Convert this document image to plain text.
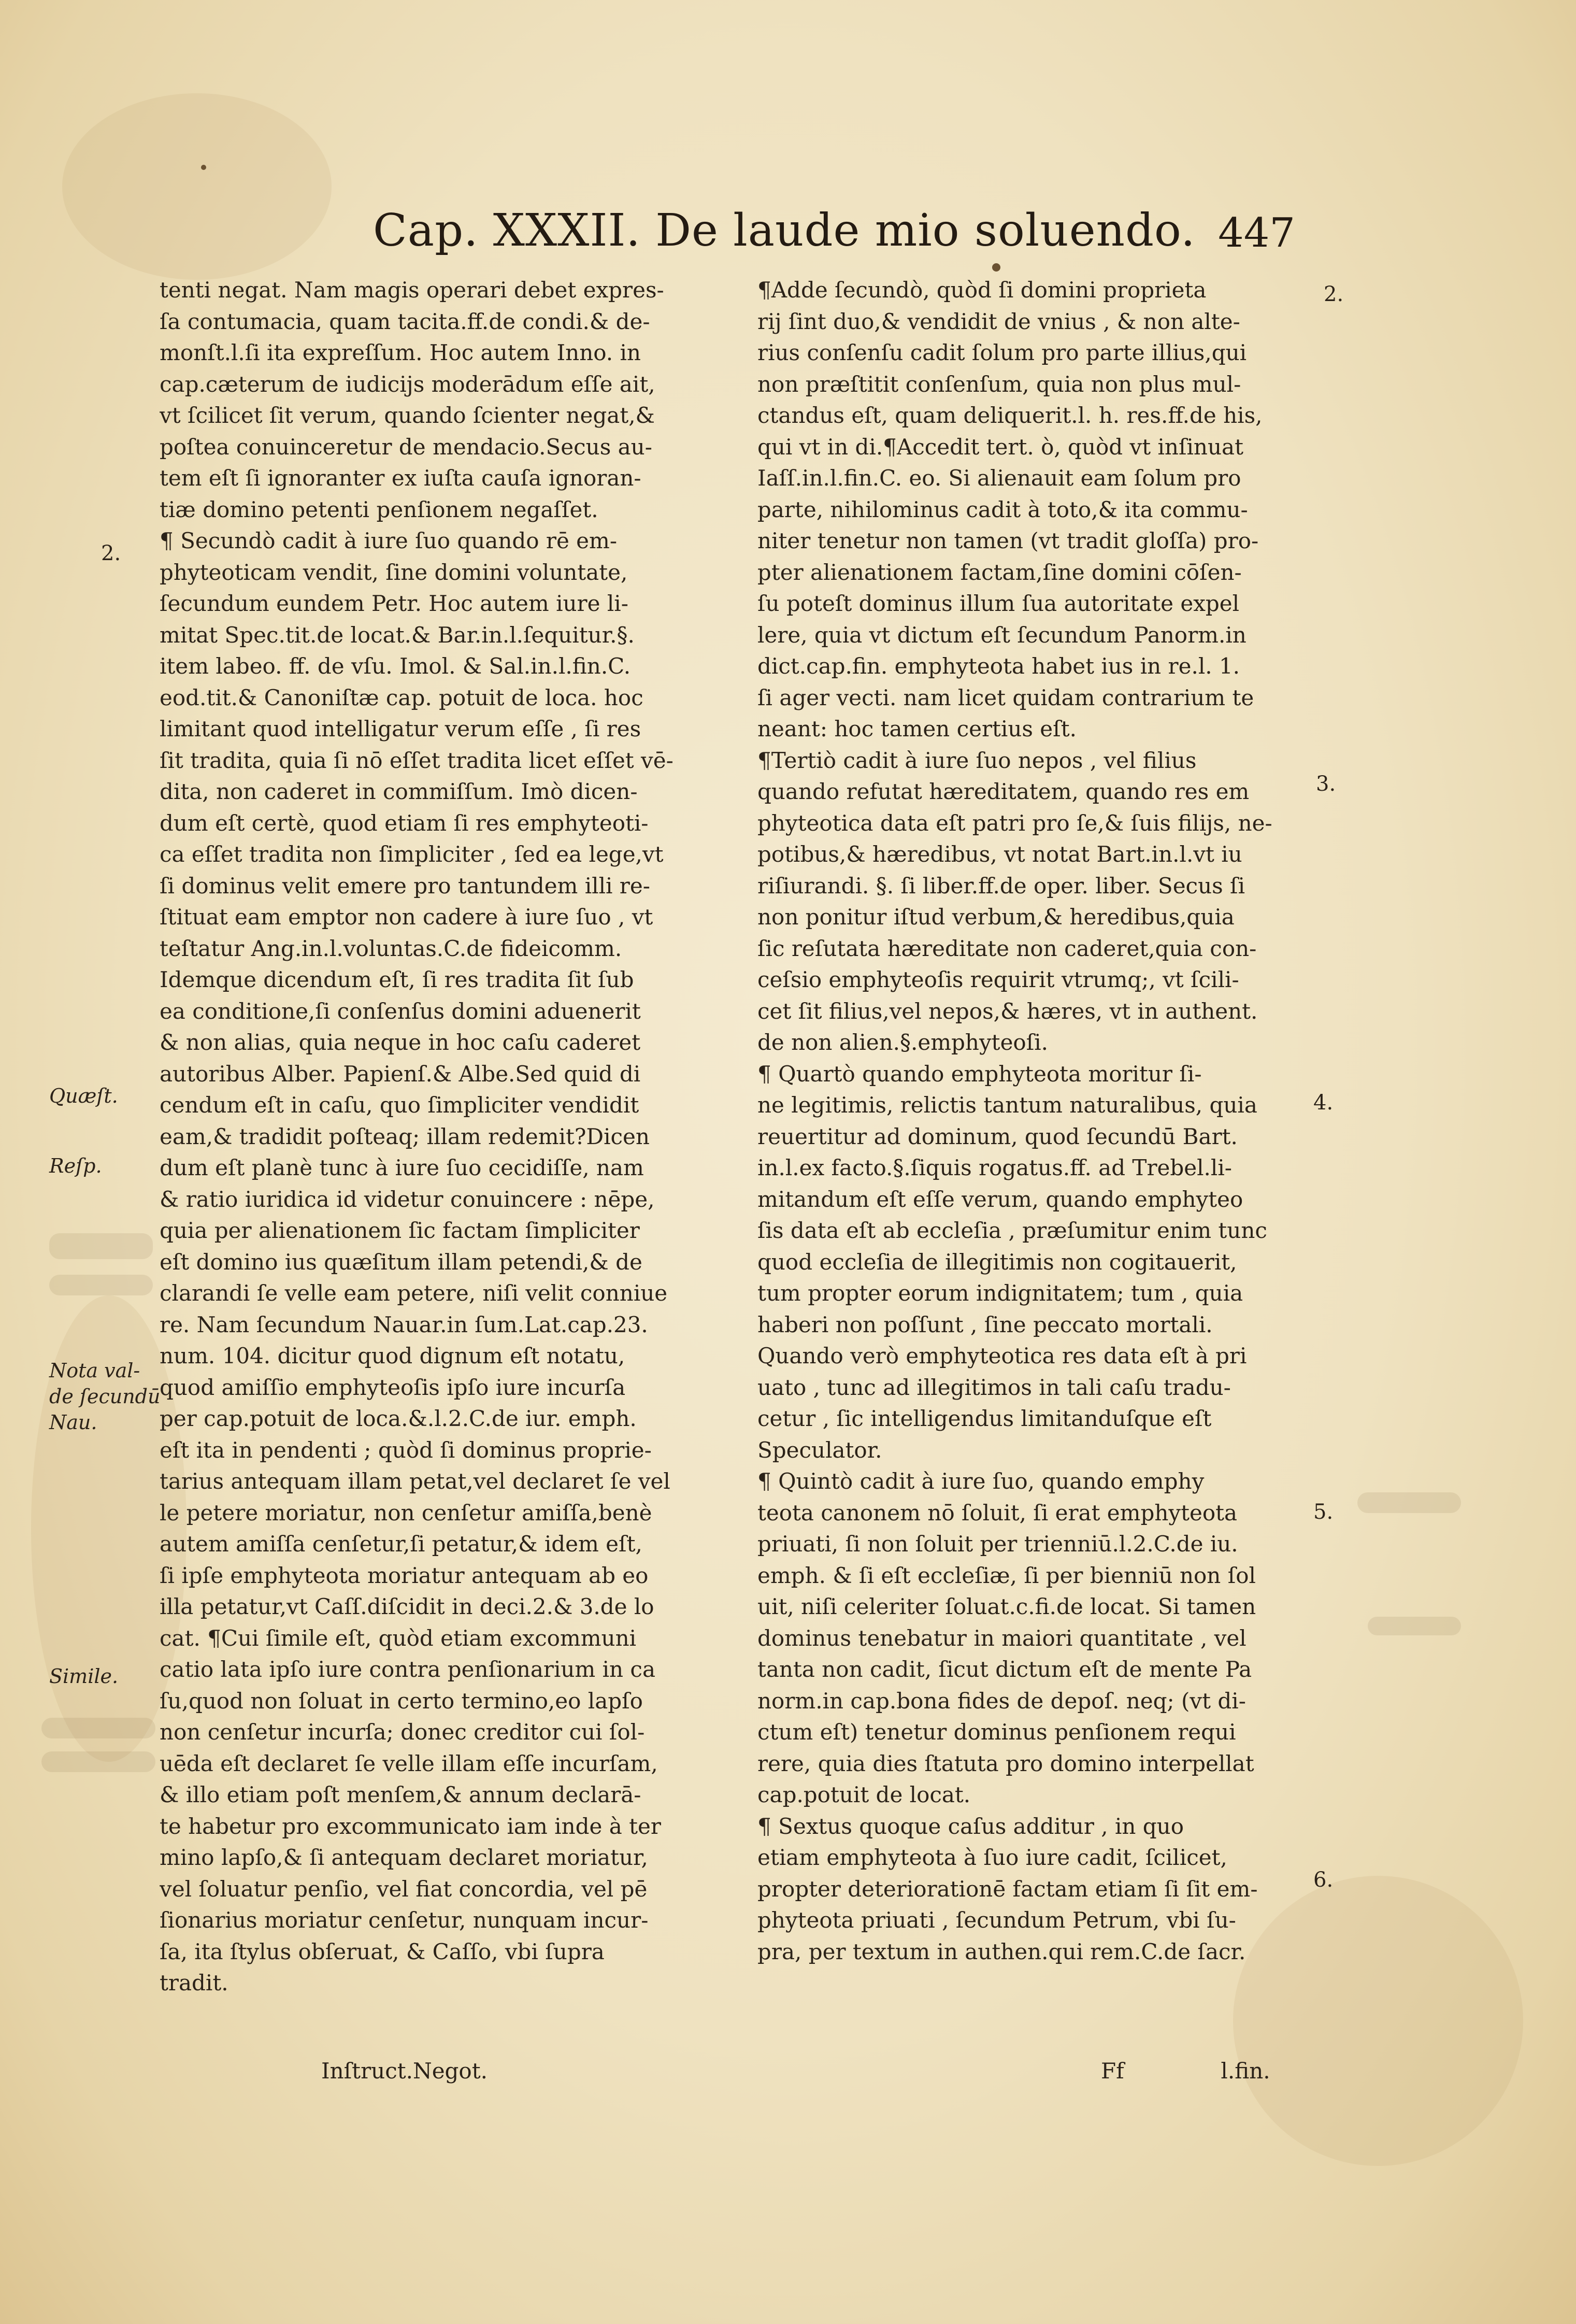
Cap. XXXII. De laude mio soluendo. 447
tenti negat. Nam magis operari debet expres-
ſa contumacia, quam tacita.ff.de condi.& de-
monſt.l.ſi ita expreſſum. Hoc autem Inno. in
cap.cæterum de iudicijs moderādum eſſe ait,
vt ſcilicet ſit verum, quando ſcienter negat,&
poſtea conuinceretur de mendacio.Secus au-
tem eſt ſi ignoranter ex iuſta cauſa ignoran-
tiæ domino petenti penſionem negaſſet.
¶ Secundò cadit à iure ſuo quando rē em-
phyteoticam vendit, ſine domini voluntate,
ſecundum eundem Petr. Hoc autem iure li-
mitat Spec.tit.de locat.& Bar.in.l.ſequitur.§.
item labeo. ff. de vſu. Imol. & Sal.in.l.fin.C.
eod.tit.& Canoniſtæ cap. potuit de loca. hoc
limitant quod intelligatur verum eſſe , ſi res
ſit tradita, quia ſi nō eſſet tradita licet eſſet vē-
dita, non caderet in commiſſum. Imò dicen-
dum eſt certè, quod etiam ſi res emphyteoti-
ca eſſet tradita non ſimpliciter , ſed ea lege,vt
ſi dominus velit emere pro tantundem illi re-
ſtituat eam emptor non cadere à iure ſuo , vt
teſtatur Ang.in.l.voluntas.C.de fideicomm.
Idemque dicendum eſt, ſi res tradita ſit ſub
ea conditione,ſi conſenſus domini aduenerit
& non alias, quia neque in hoc caſu caderet
autoribus Alber. Papienſ.& Albe.Sed quid di
cendum eſt in caſu, quo ſimpliciter vendidit
eam,& tradidit poſteaq; illam redemit?Dicen
dum eſt planè tunc à iure ſuo cecidiſſe, nam
& ratio iuridica id videtur conuincere : nēpe,
quia per alienationem ſic factam ſimpliciter
eſt domino ius quæſitum illam petendi,& de
clarandi ſe velle eam petere, niſi velit conniue
re. Nam ſecundum Nauar.in ſum.Lat.cap.23.
num. 104. dicitur quod dignum eſt notatu,
quod amiſſio emphyteoſis ipſo iure incurſa
per cap.potuit de loca.&.l.2.C.de iur. emph.
eſt ita in pendenti ; quòd ſi dominus proprie-
tarius antequam illam petat,vel declaret ſe vel
le petere moriatur, non cenſetur amiſſa,benè
autem amiſſa cenſetur,ſi petatur,& idem eſt,
ſi ipſe emphyteota moriatur antequam ab eo
illa petatur,vt Caſſ.diſcidit in deci.2.& 3.de lo
cat. ¶Cui ſimile eſt, quòd etiam excommuni
catio lata ipſo iure contra penſionarium in ca
ſu,quod non ſoluat in certo termino,eo lapſo
non cenſetur incurſa; donec creditor cui ſol-
uēda eſt declaret ſe velle illam eſſe incurſam,
& illo etiam poſt menſem,& annum declarā-
te habetur pro excommunicato iam inde à ter
mino lapſo,& ſi antequam declaret moriatur,
vel ſoluatur penſio, vel fiat concordia, vel pē
ſionarius moriatur cenſetur, nunquam incur-
ſa, ita ſtylus obſeruat, & Caſſo, vbi ſupra
tradit.
¶Adde ſecundò, quòd ſi domini proprieta
rij ſint duo,& vendidit de vnius , & non alte-
rius conſenſu cadit ſolum pro parte illius,qui
non præſtitit conſenſum, quia non plus mul-
ctandus eſt, quam deliquerit.l. h. res.ff.de his,
qui vt in di.¶Accedit tert. ò, quòd vt inſinuat
Iaſſ.in.l.fin.C. eo. Si alienauit eam ſolum pro
parte, nihilominus cadit à toto,& ita commu-
niter tenetur non tamen (vt tradit gloſſa) pro-
pter alienationem factam,ſine domini cōſen-
ſu poteſt dominus illum ſua autoritate expel
lere, quia vt dictum eſt ſecundum Panorm.in
dict.cap.fin. emphyteota habet ius in re.l. 1.
ſi ager vecti. nam licet quidam contrarium te
neant: hoc tamen certius eſt.
¶Tertiò cadit à iure ſuo nepos , vel filius
quando refutat hæreditatem, quando res em
phyteotica data eſt patri pro ſe,& ſuis filijs, ne-
potibus,& hæredibus, vt notat Bart.in.l.vt iu
riſiurandi. §. ſi liber.ff.de oper. liber. Secus ſi
non ponitur iſtud verbum,& heredibus,quia
ſic reſutata hæreditate non caderet,quia con-
ceſsio emphyteoſis requirit vtrumq;, vt ſcili-
cet ſit filius,vel nepos,& hæres, vt in authent.
de non alien.§.emphyteoſi.
¶ Quartò quando emphyteota moritur ſi-
ne legitimis, relictis tantum naturalibus, quia
reuertitur ad dominum, quod ſecundū Bart.
in.l.ex facto.§.ſiquis rogatus.ff. ad Trebel.li-
mitandum eſt eſſe verum, quando emphyteo
ſis data eſt ab eccleſia , præſumitur enim tunc
quod eccleſia de illegitimis non cogitauerit,
tum propter eorum indignitatem; tum , quia
haberi non poſſunt , ſine peccato mortali.
Quando verò emphyteotica res data eſt à pri
uato , tunc ad illegitimos in tali caſu tradu-
cetur , ſic intelligendus limitanduſque eſt
Speculator.
¶ Quintò cadit à iure ſuo, quando emphy
teota canonem nō ſoluit, ſi erat emphyteota
priuati, ſi non ſoluit per trienniū.l.2.C.de iu.
emph. & ſi eſt eccleſiæ, ſi per bienniū non ſol
uit, niſi celeriter ſoluat.c.fi.de locat. Si tamen
dominus tenebatur in maiori quantitate , vel
tanta non cadit, ſicut dictum eſt de mente Pa
norm.in cap.bona fides de depoſ. neq; (vt di-
ctum eſt) tenetur dominus penſionem requi
rere, quia dies ſtatuta pro domino interpellat
cap.potuit de locat.
¶ Sextus quoque caſus additur , in quo
etiam emphyteota à ſuo iure cadit, ſcilicet,
propter deteriorationē factam etiam ſi ſit em-
phyteota priuati , ſecundum Petrum, vbi ſu-
pra, per textum in authen.qui rem.C.de ſacr.
2.
Quæſt.
Reſp.
Nota val-
de ſecundū
Nau.
Simile.
2.
3.
4.
5.
6.
Inſtruct.Negot.	Ff	l.fin.
